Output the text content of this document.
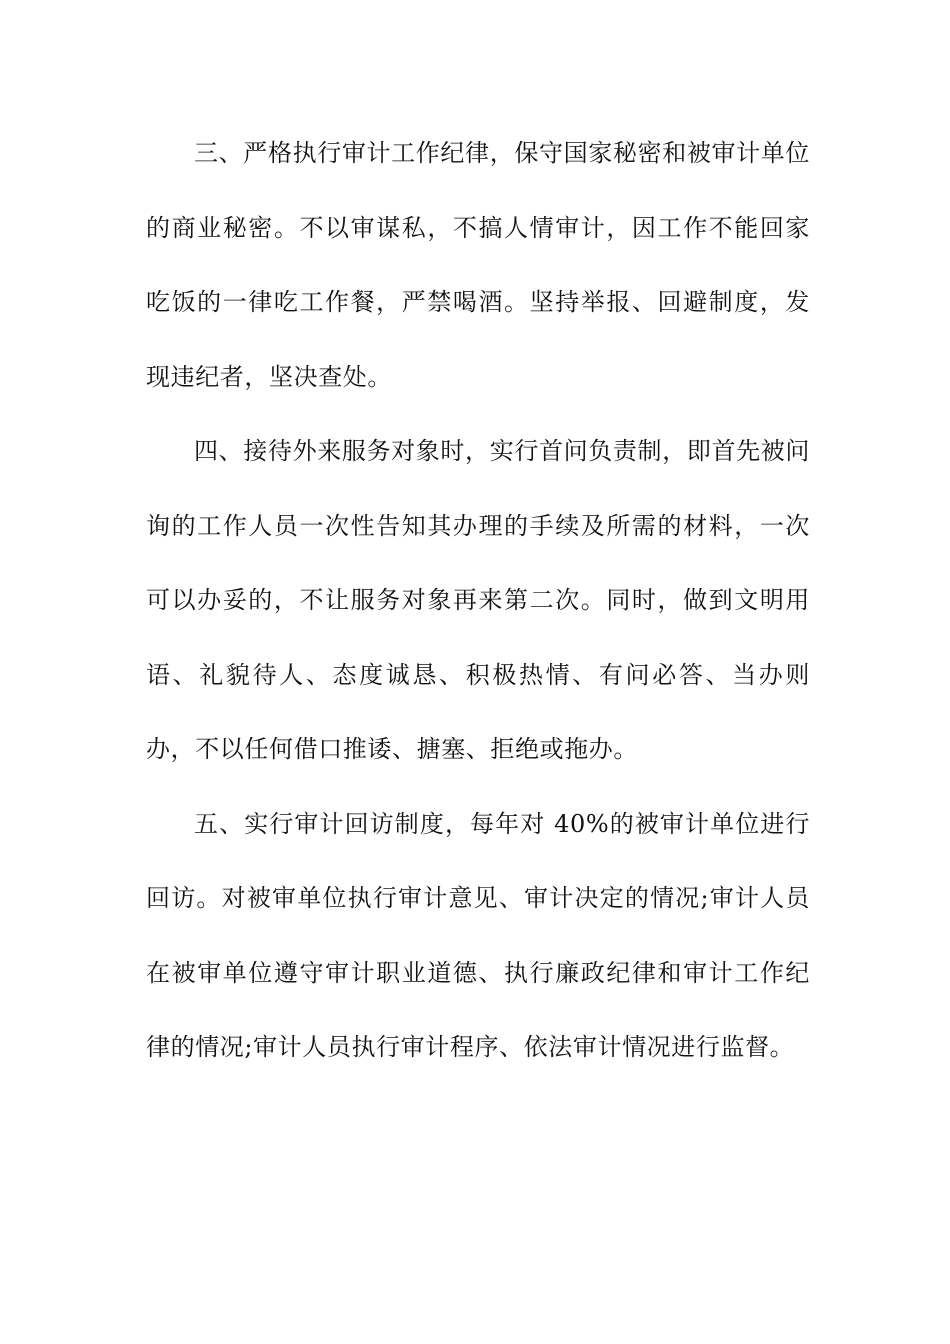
三、严格执行审计工作纪律，保守国家秘密和被审计单位的商业秘密。不以审谋私，不搞人情审计，因工作不能回家吃饭的一律吃工作餐，严禁喝酒。坚持举报、回避制度，发现违纪者，坚决查处。

四、接待外来服务对象时，实行首问负责制，即首先被问询的工作人员一次性告知其办理的手续及所需的材料，一次可以办妥的，不让服务对象再来第二次。同时，做到文明用语、礼貌待人、态度诚恳、积极热情、有问必答、当办则办，不以任何借口推诿、搪塞、拒绝或拖办。

五、实行审计回访制度，每年对 40%的被审计单位进行回访。对被审单位执行审计意见、审计决定的情况;审计人员在被审单位遵守审计职业道德、执行廉政纪律和审计工作纪律的情况;审计人员执行审计程序、依法审计情况进行监督。
